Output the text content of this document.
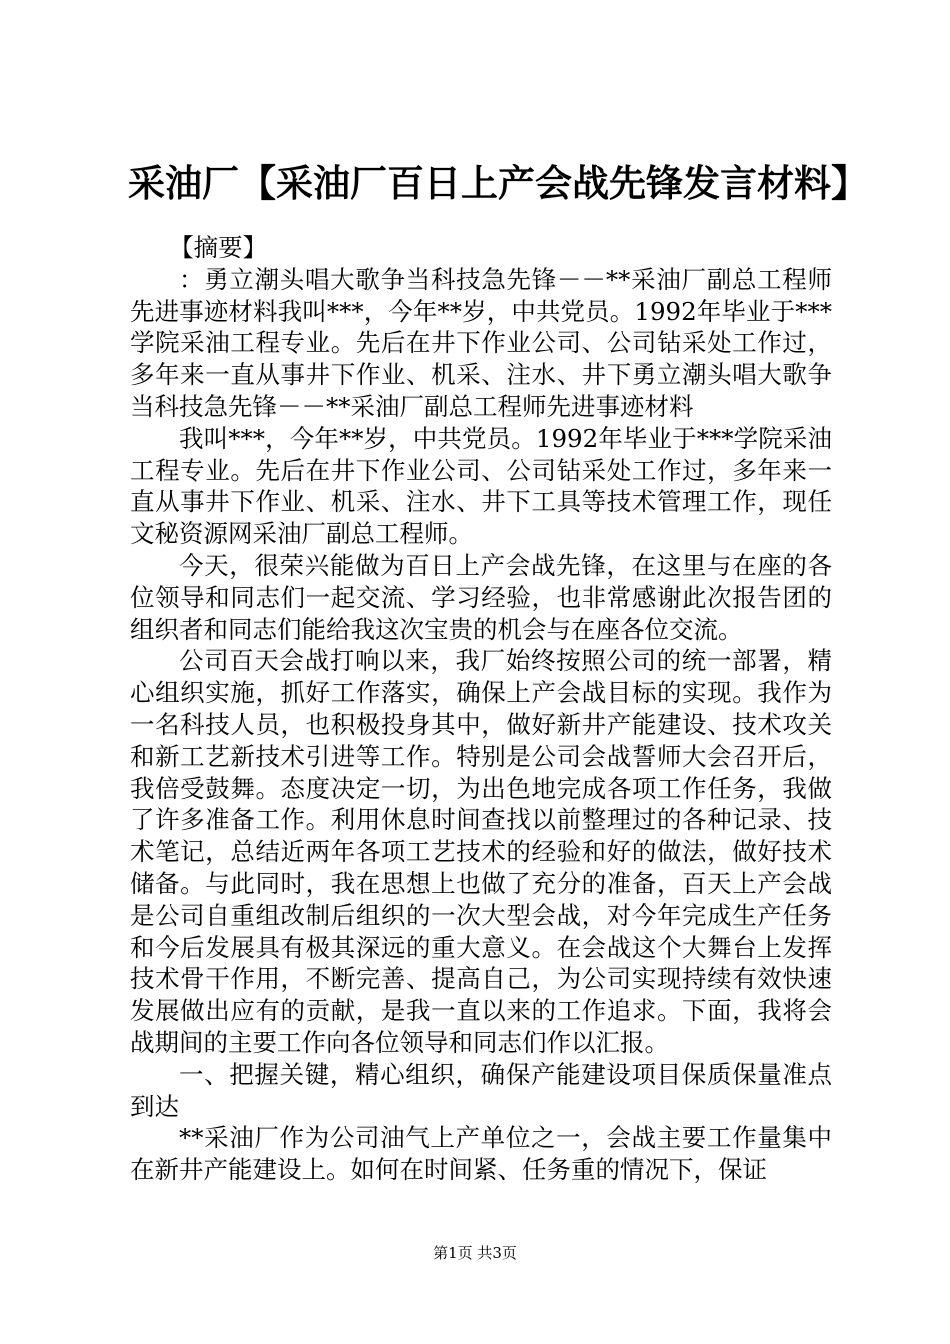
采油厂【采油厂百日上产会战先锋发言材料】

【摘要】

：勇立潮头唱大歌争当科技急先锋－－**采油厂副总工程师先进事迹材料我叫***，今年**岁，中共党员。1992年毕业于***学院采油工程专业。先后在井下作业公司、公司钻采处工作过，多年来一直从事井下作业、机采、注水、井下勇立潮头唱大歌争当科技急先锋－－**采油厂副总工程师先进事迹材料

我叫***，今年**岁，中共党员。1992年毕业于***学院采油工程专业。先后在井下作业公司、公司钻采处工作过，多年来一直从事井下作业、机采、注水、井下工具等技术管理工作，现任文秘资源网采油厂副总工程师。

今天，很荣兴能做为百日上产会战先锋，在这里与在座的各位领导和同志们一起交流、学习经验，也非常感谢此次报告团的组织者和同志们能给我这次宝贵的机会与在座各位交流。

公司百天会战打响以来，我厂始终按照公司的统一部署，精心组织实施，抓好工作落实，确保上产会战目标的实现。我作为一名科技人员，也积极投身其中，做好新井产能建设、技术攻关和新工艺新技术引进等工作。特别是公司会战誓师大会召开后，我倍受鼓舞。态度决定一切，为出色地完成各项工作任务，我做了许多准备工作。利用休息时间查找以前整理过的各种记录、技术笔记，总结近两年各项工艺技术的经验和好的做法，做好技术储备。与此同时，我在思想上也做了充分的准备，百天上产会战是公司自重组改制后组织的一次大型会战，对今年完成生产任务和今后发展具有极其深远的重大意义。在会战这个大舞台上发挥技术骨干作用，不断完善、提高自己，为公司实现持续有效快速发展做出应有的贡献，是我一直以来的工作追求。下面，我将会战期间的主要工作向各位领导和同志们作以汇报。

一、把握关键，精心组织，确保产能建设项目保质保量准点到达

**采油厂作为公司油气上产单位之一，会战主要工作量集中在新井产能建设上。如何在时间紧、任务重的情况下，保证

第1页 共3页
